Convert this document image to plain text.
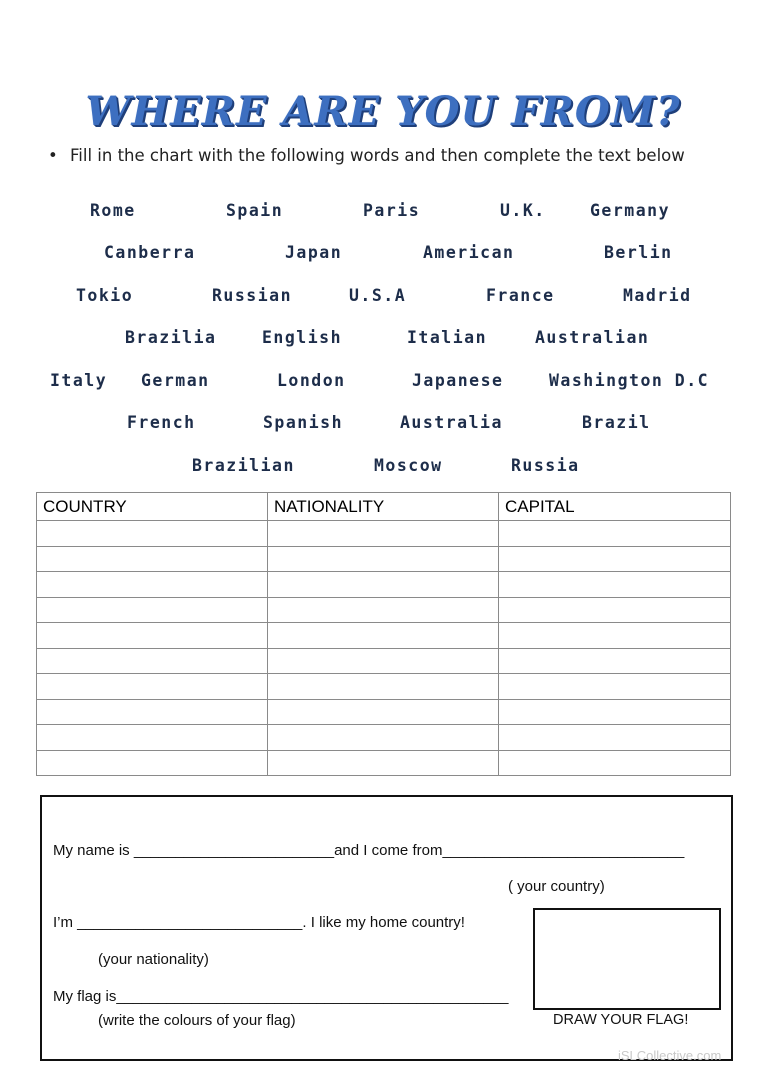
WHERE ARE YOU FROM?
• Fill in the chart with the following words and then complete the text below
Rome	Spain	Paris	U.K.	Germany
Canberra	Japan	American	Berlin
Tokio	Russian	U.S.A	France	Madrid
Brazilia	English	Italian	Australian
Italy German	London	Japanese	Washington D.C
French	Spanish	Australia	Brazil
Brazilian	Moscow	Russia
COUNTRY	NATIONALITY	CAPITAL

My name is ________________________and I come from_____________________________
( your country)
I’m ___________________________. I like my home country!
(your nationality)
My flag is_______________________________________________
(write the colours of your flag)	DRAW YOUR FLAG!
iSLCollective.com
